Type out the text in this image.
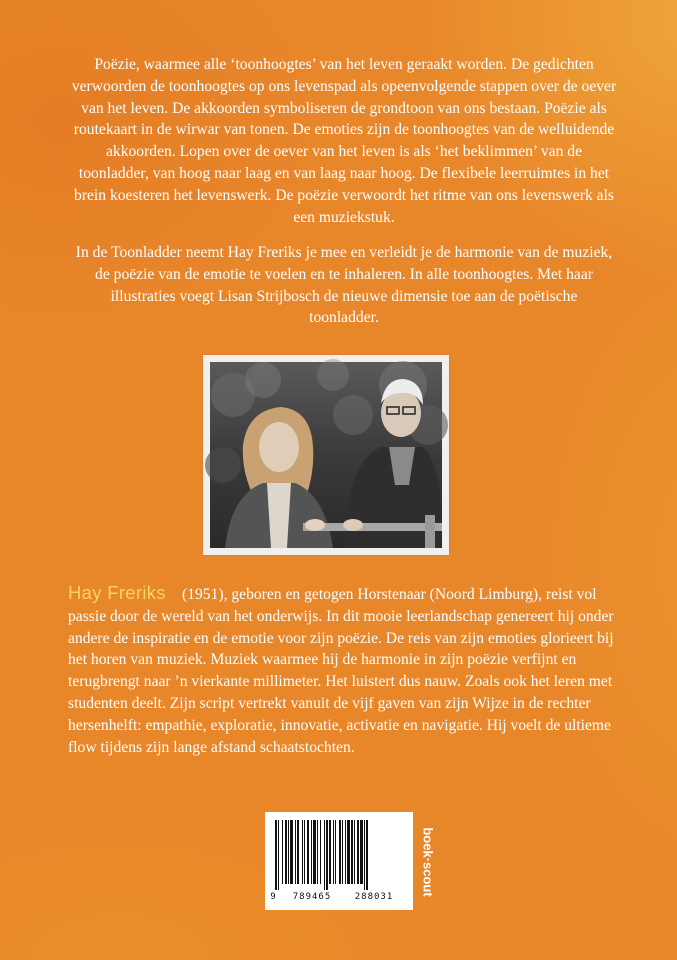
Poëzie, waarmee alle ‘toonhoogtes’ van het leven geraakt worden. De gedichten verwoorden de toonhoogtes op ons levenspad als opeenvolgende stappen over de oever van het leven. De akkoorden symboliseren de grondtoon van ons bestaan. Poëzie als routekaart in de wirwar van tonen. De emoties zijn de toonhoogtes van de welluidende akkoorden. Lopen over de oever van het leven is als ‘het beklimmen’ van de toonladder, van hoog naar laag en van laag naar hoog. De flexibele leerruimtes in het brein koesteren het levenswerk. De poëzie verwoordt het ritme van ons levenswerk als een muziekstuk.

In de Toonladder neemt Hay Freriks je mee en verleidt je de harmonie van de muziek, de poëzie van de emotie te voelen en te inhaleren. In alle toonhoogtes. Met haar illustraties voegt Lisan Strijbosch de nieuwe dimensie toe aan de poëtische toonladder.

Hay Freriks	(1951), geboren en getogen Horstenaar (Noord Limburg), reist vol passie door de wereld van het onderwijs. In dit mooie leerlandschap genereert hij onder andere de inspiratie en de emotie voor zijn poëzie. De reis van zijn emoties glorieert bij het horen van muziek. Muziek waarmee hij de harmonie in zijn poëzie verfijnt en terugbrengt naar ’n vierkante millimeter. Het luistert dus nauw. Zoals ook het leren met studenten deelt. Zijn script vertrekt vanuit de vijf gaven van zijn Wijze in de rechter hersenhelft: empathie, exploratie, innovatie, activatie en navigatie. Hij voelt de ultieme flow tijdens zijn lange afstand schaatstochten.

9	789465	288031
boek·scout
